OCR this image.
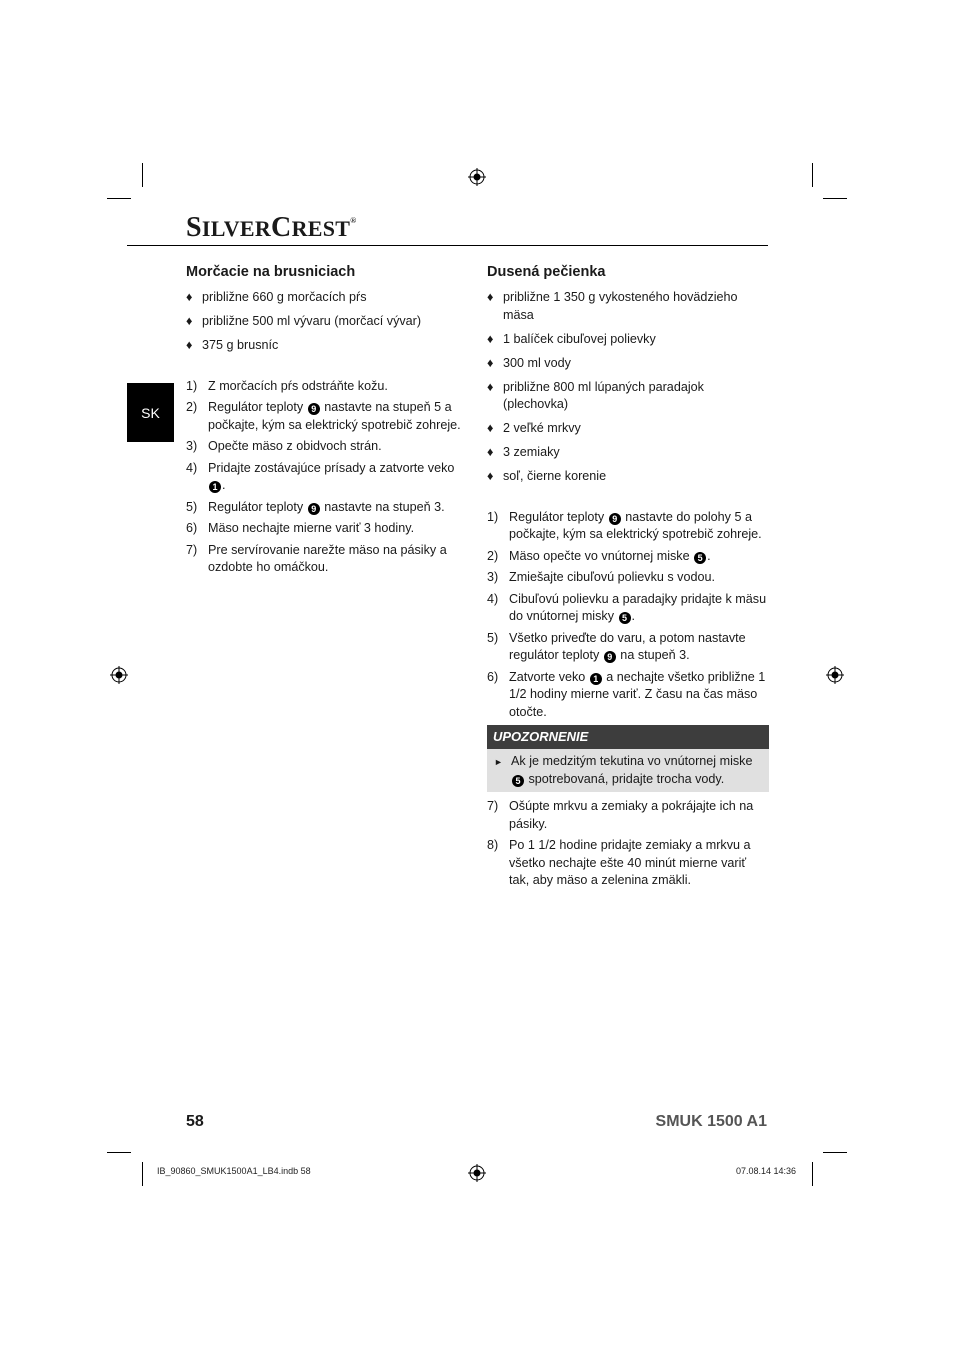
SILVERCREST®
SK
Morčacie na brusniciach
♦ približne 660 g morčacích pŕs
♦ približne 500 ml vývaru (morčací vývar)
♦ 375 g brusníc
1) Z morčacích pŕs odstráňte kožu.
2) Regulátor teploty 9 nastavte na stupeň 5 a počkajte, kým sa elektrický spotrebič zohreje.
3) Opečte mäso z obidvoch strán.
4) Pridajte zostávajúce prísady a zatvorte veko 1 .
5) Regulátor teploty 9 nastavte na stupeň 3.
6) Mäso nechajte mierne variť 3 hodiny.
7) Pre servírovanie narežte mäso na pásiky a ozdobte ho omáčkou.
Dusená pečienka
♦ približne 1 350 g vykosteného hovädzieho mäsa
♦ 1 balíček cibuľovej polievky
♦ 300 ml vody
♦ približne 800 ml lúpaných paradajok (plechovka)
♦ 2 veľké mrkvy
♦ 3 zemiaky
♦ soľ, čierne korenie
1) Regulátor teploty 9 nastavte do polohy 5 a počkajte, kým sa elektrický spotrebič zohreje.
2) Mäso opečte vo vnútornej miske 5 .
3) Zmiešajte cibuľovú polievku s vodou.
4) Cibuľovú polievku a paradajky pridajte k mäsu do vnútornej misky 5 .
5) Všetko priveďte do varu, a potom nastavte regulátor teploty 9 na stupeň 3.
6) Zatvorte veko 1 a nechajte všetko približne 1 1/2 hodiny mierne variť. Z času na čas mäso otočte.
UPOZORNENIE
► Ak je medzitým tekutina vo vnútornej miske 5 spotrebovaná, pridajte trocha vody.
7) Ošúpte mrkvu a zemiaky a pokrájajte ich na pásiky.
8) Po 1 1/2 hodine pridajte zemiaky a mrkvu a všetko nechajte ešte 40 minút mierne variť tak, aby mäso a zelenina zmäkli.
58	SMUK 1500 A1
IB_90860_SMUK1500A1_LB4.indb 58	07.08.14 14:36
